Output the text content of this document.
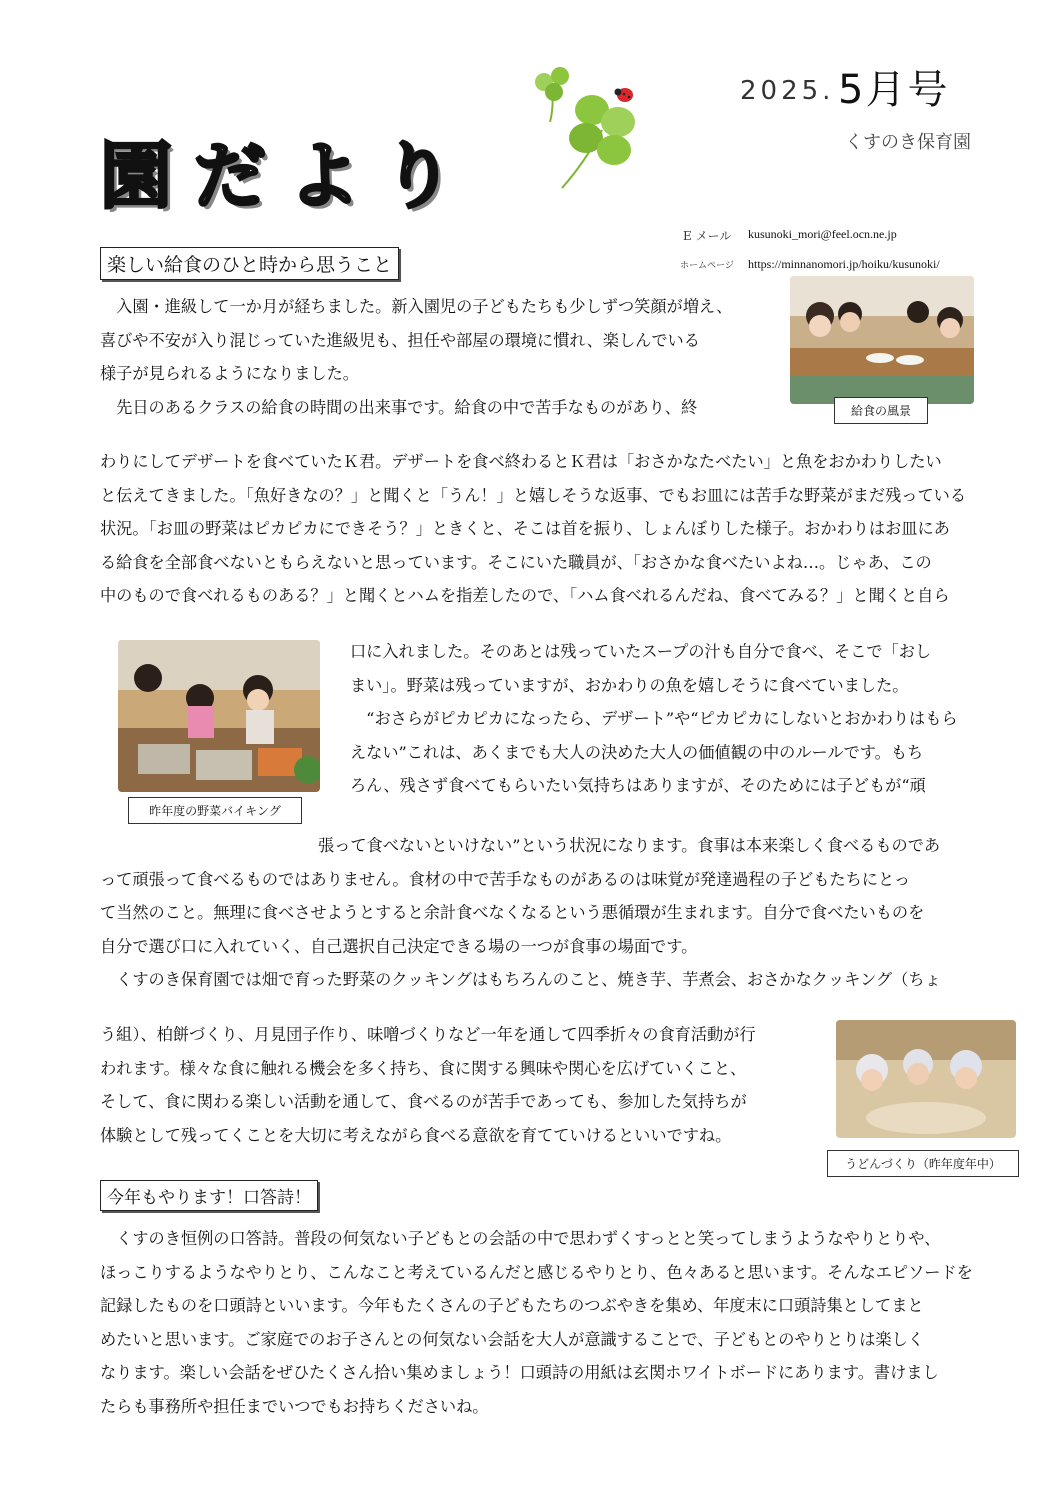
園だより
2025. 5月号
くすのき保育園
E メール kusunoki_mori@feel.ocn.ne.jp
ホームページ https://minnanomori.jp/hoiku/kusunoki/
楽しい給食のひと時から思うこと
給食の風景

　入園・進級して一か月が経ちました。新入園児の子どもたちも少しずつ笑顔が増え、

喜びや不安が入り混じっていた進級児も、担任や部屋の環境に慣れ、楽しんでいる

様子が見られるようになりました。

　先日のあるクラスの給食の時間の出来事です。給食の中で苦手なものがあり、終

わりにしてデザートを食べていたＫ君。デザートを食べ終わるとＫ君は「おさかなたべたい」と魚をおかわりしたい

と伝えてきました。「魚好きなの？」と聞くと「うん！」と嬉しそうな返事、でもお皿には苦手な野菜がまだ残っている

状況。「お皿の野菜はピカピカにできそう？」ときくと、そこは首を振り、しょんぼりした様子。おかわりはお皿にあ

る給食を全部食べないともらえないと思っています。そこにいた職員が、「おさかな食べたいよね…。じゃあ、この

中のもので食べれるものある？」と聞くとハムを指差したので、「ハム食べれるんだね、食べてみる？」と聞くと自ら

昨年度の野菜バイキング

口に入れました。そのあとは残っていたスープの汁も自分で食べ、そこで「おし

まい」。野菜は残っていますが、おかわりの魚を嬉しそうに食べていました。

　“おさらがピカピカになったら、デザート”や“ピカピカにしないとおかわりはもら

えない”これは、あくまでも大人の決めた大人の価値観の中のルールです。もち

ろん、残さず食べてもらいたい気持ちはありますが、そのためには子どもが“頑

張って食べないといけない”という状況になります。食事は本来楽しく食べるものであ

って頑張って食べるものではありません。食材の中で苦手なものがあるのは味覚が発達過程の子どもたちにとっ

て当然のこと。無理に食べさせようとすると余計食べなくなるという悪循環が生まれます。自分で食べたいものを

自分で選び口に入れていく、自己選択自己決定できる場の一つが食事の場面です。

　くすのき保育園では畑で育った野菜のクッキングはもちろんのこと、焼き芋、芋煮会、おさかなクッキング（ちょ

うどんづくり（昨年度年中）

う組）、柏餅づくり、月見団子作り、味噌づくりなど一年を通して四季折々の食育活動が行

われます。様々な食に触れる機会を多く持ち、食に関する興味や関心を広げていくこと、

そして、食に関わる楽しい活動を通して、食べるのが苦手であっても、参加した気持ちが

体験として残ってくことを大切に考えながら食べる意欲を育てていけるといいですね。

今年もやります！口答詩！

　くすのき恒例の口答詩。普段の何気ない子どもとの会話の中で思わずくすっとと笑ってしまうようなやりとりや、

ほっこりするようなやりとり、こんなこと考えているんだと感じるやりとり、色々あると思います。そんなエピソードを

記録したものを口頭詩といいます。今年もたくさんの子どもたちのつぶやきを集め、年度末に口頭詩集としてまと

めたいと思います。ご家庭でのお子さんとの何気ない会話を大人が意識することで、子どもとのやりとりは楽しく

なります。楽しい会話をぜひたくさん拾い集めましょう！口頭詩の用紙は玄関ホワイトボードにあります。書けまし

たらも事務所や担任までいつでもお持ちくださいね。
